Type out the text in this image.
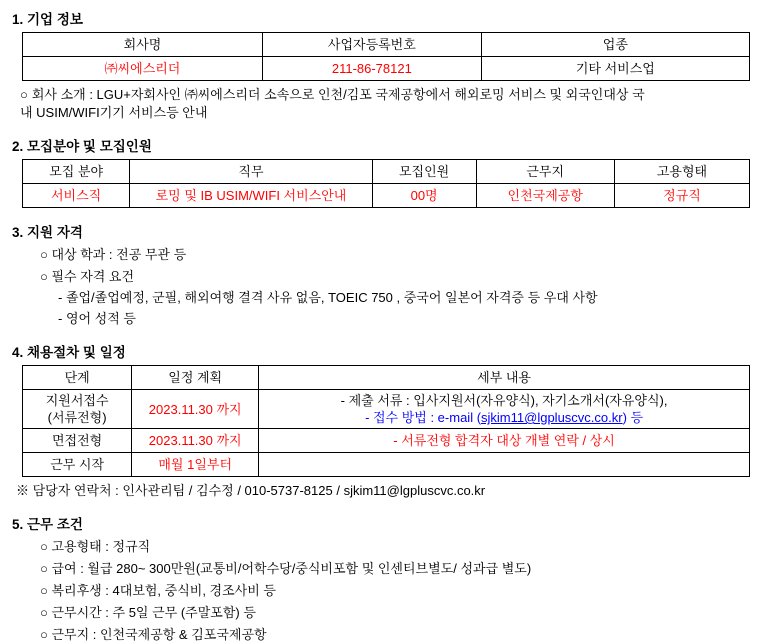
1. 기업 정보
회사명	사업자등록번호	업종
㈜씨에스리더	211-86-78121	기타 서비스업
○ 회사 소개 : LGU+자회사인 ㈜씨에스리더 소속으로 인천/김포 국제공항에서 해외로밍 서비스 및 외국인대상 국
내 USIM/WIFI기기 서비스등 안내
2. 모집분야 및 모집인원
모집 분야	직무	모집인원	근무지	고용형태
서비스직	로밍 및 IB USIM/WIFI 서비스안내	00명	인천국제공항	정규직
3. 지원 자격
○ 대상 학과 : 전공 무관 등
○ 필수 자격 요건
- 졸업/졸업예정, 군필, 해외여행 결격 사유 없음, TOEIC 750 , 중국어 일본어 자격증 등 우대 사항
- 영어 성적 등
4. 채용절차 및 일정
단계	일정 계획	세부 내용

지원서접수
(서류전형)	2023.11.30 까지	- 제출 서류 : 입사지원서(자유양식), 자기소개서(자유양식),
- 접수 방법 : e-mail (sjkim11@lgpluscvc.co.kr) 등

면접전형	2023.11.30 까지	- 서류전형 합격자 대상 개별 연락 / 상시
근무 시작	매월 1일부터	
※ 담당자 연락처 : 인사관리팀 / 김수정 / 010-5737-8125 / sjkim11@lgpluscvc.co.kr
5. 근무 조건
○ 고용형태 : 정규직
○ 급여 : 월급 280~ 300만원(교통비/어학수당/중식비포함 및 인센티브별도/ 성과급 별도)
○ 복리후생 : 4대보험, 중식비, 경조사비 등
○ 근무시간 : 주 5일 근무 (주말포함) 등
○ 근무지 : 인천국제공항 & 김포국제공항
